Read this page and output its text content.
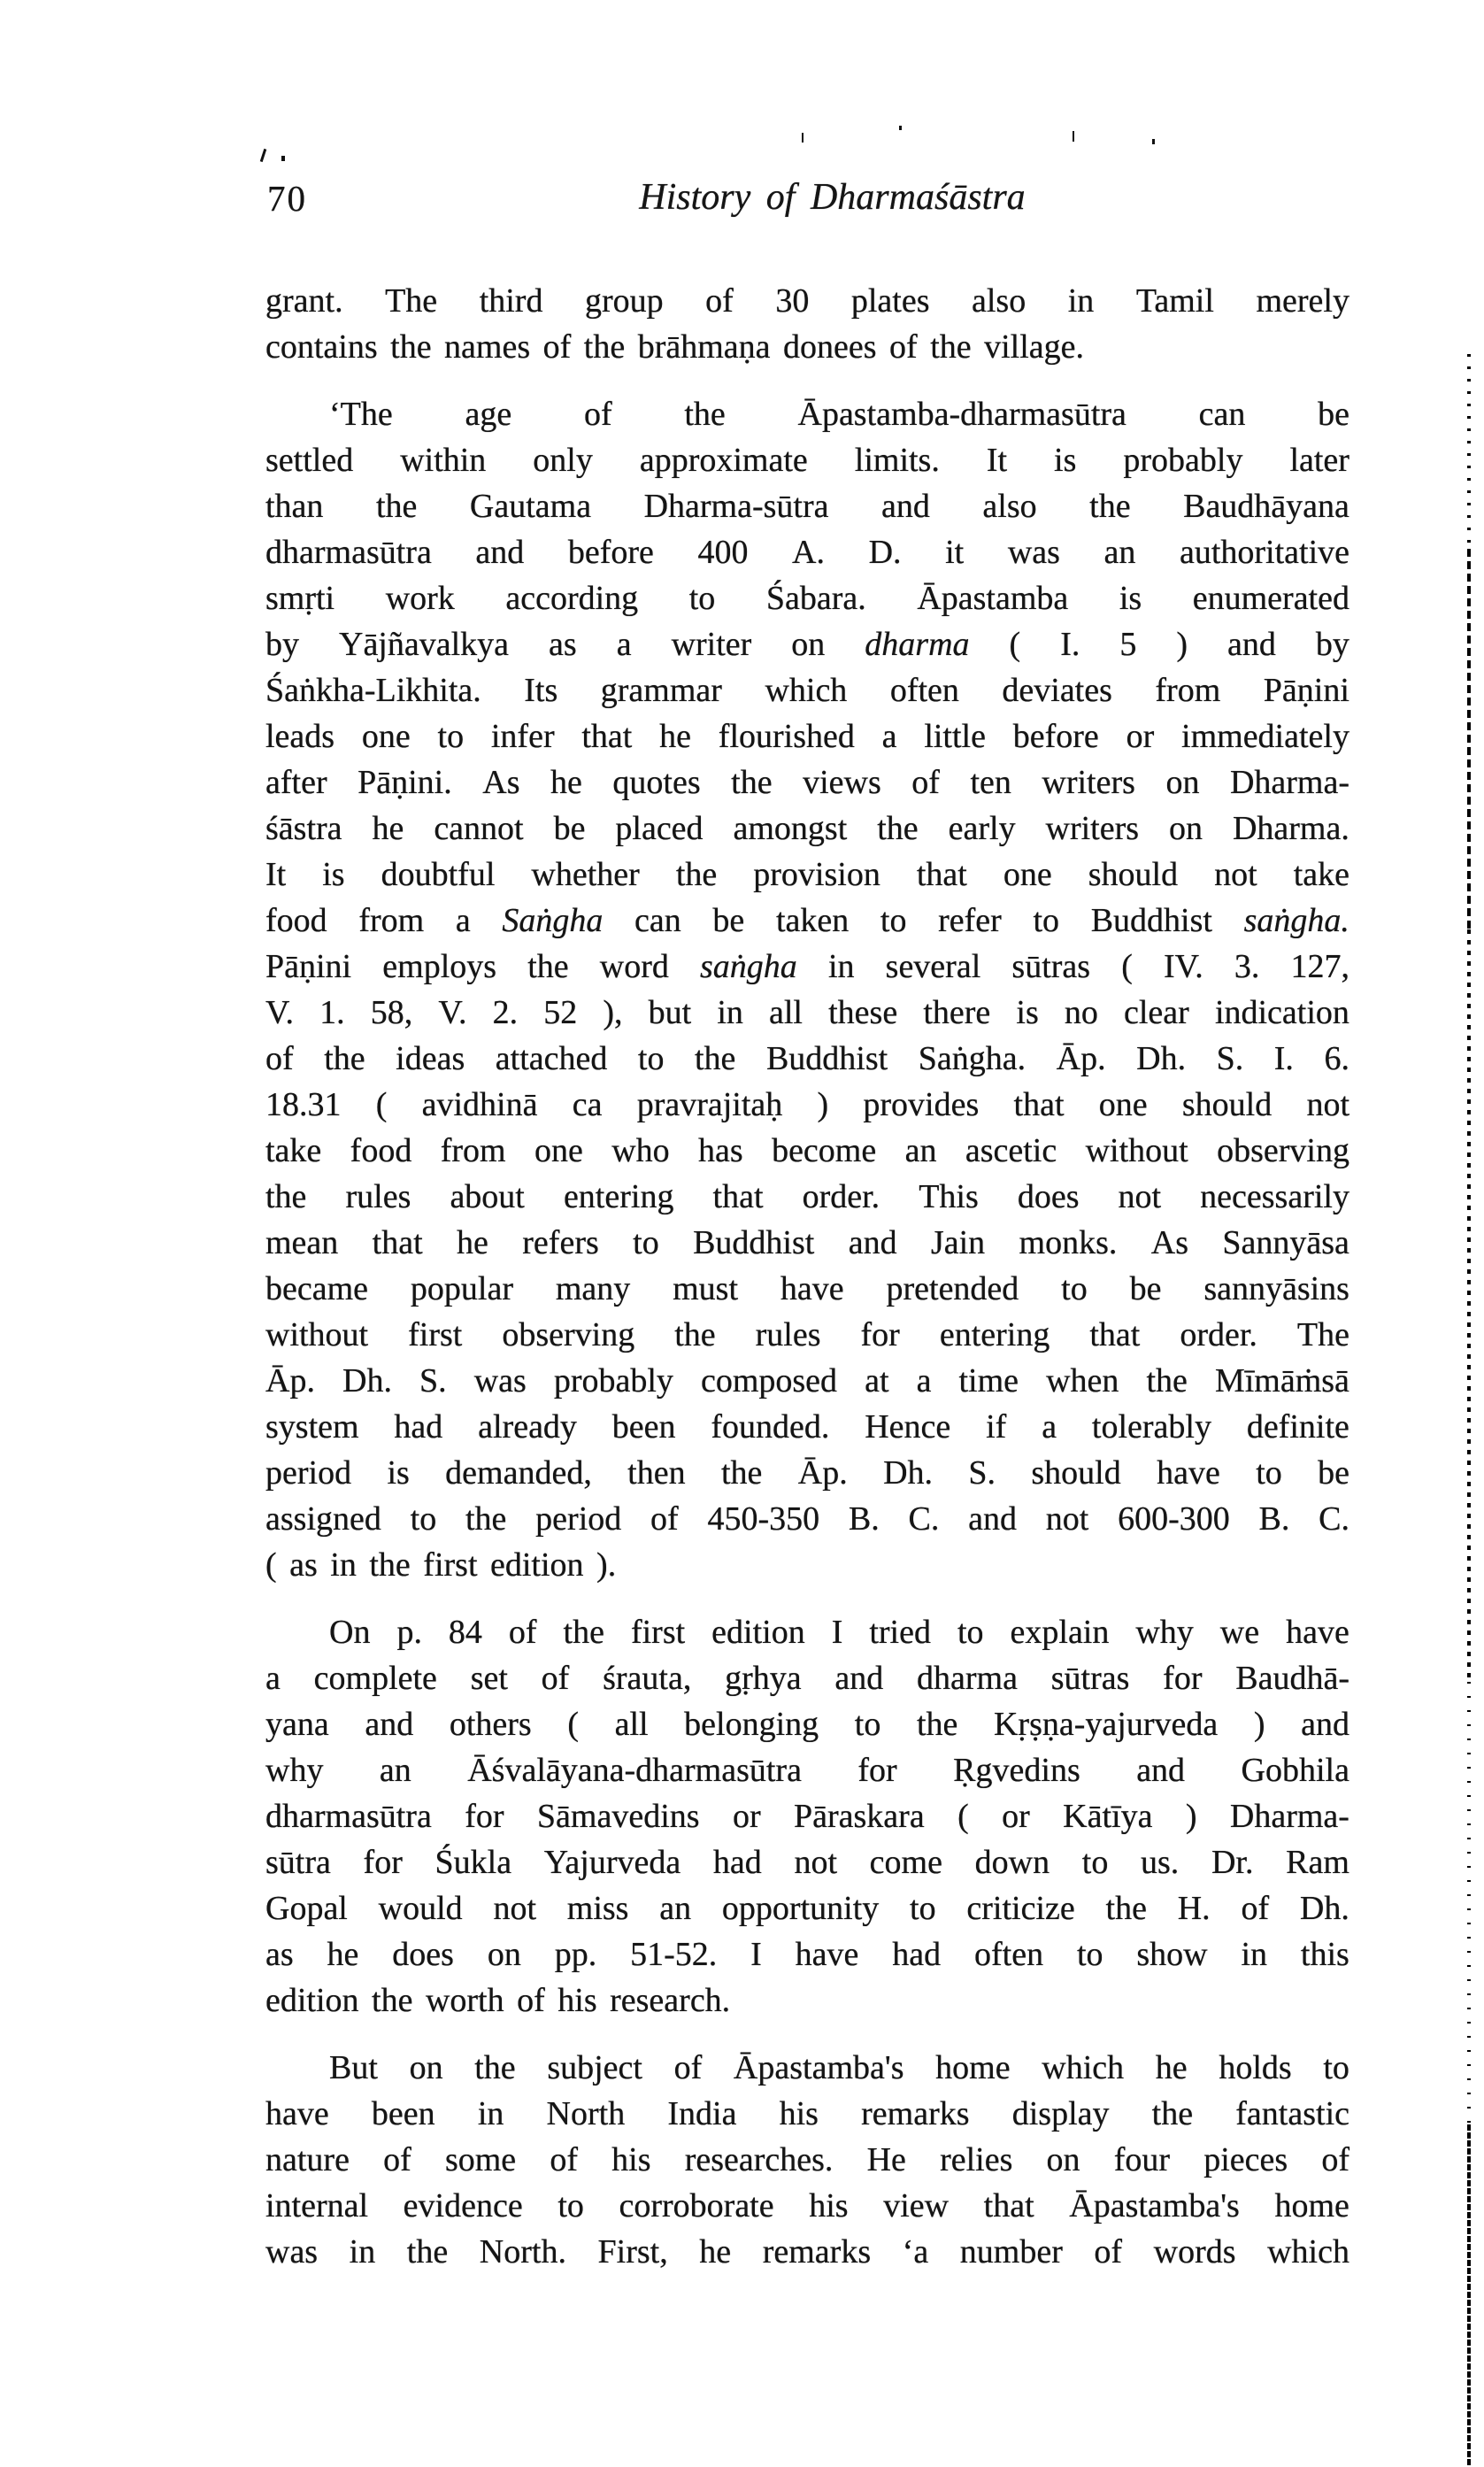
70	History of Dharmaśāstra
grant. The third group of 30 plates also in Tamil merely
contains the names of the brāhmaṇa donees of the village.
‘The age of the Āpastamba-dharmasūtra can be
settled within only approximate limits. It is probably later
than the Gautama Dharma-sūtra and also the Baudhāyana
dharmasūtra and before 400 A. D. it was an authoritative
smṛti work according to Śabara. Āpastamba is enumerated
by Yājñavalkya as a writer on dharma ( I. 5 ) and by
Śaṅkha-Likhita. Its grammar which often deviates from Pāṇini
leads one to infer that he flourished a little before or immediately
after Pāṇini. As he quotes the views of ten writers on Dharma-
śāstra he cannot be placed amongst the early writers on Dharma.
It is doubtful whether the provision that one should not take
food from a Saṅgha can be taken to refer to Buddhist saṅgha.
Pāṇini employs the word saṅgha in several sūtras ( IV. 3. 127,
V. 1. 58, V. 2. 52 ), but in all these there is no clear indication
of the ideas attached to the Buddhist Saṅgha. Āp. Dh. S. I. 6.
18.31 ( avidhinā ca pravrajitaḥ ) provides that one should not
take food from one who has become an ascetic without observing
the rules about entering that order. This does not necessarily
mean that he refers to Buddhist and Jain monks. As Sannyāsa
became popular many must have pretended to be sannyāsins
without first observing the rules for entering that order. The
Āp. Dh. S. was probably composed at a time when the Mīmāṁsā
system had already been founded. Hence if a tolerably definite
period is demanded, then the Āp. Dh. S. should have to be
assigned to the period of 450-350 B. C. and not 600-300 B. C.
( as in the first edition ).
On p. 84 of the first edition I tried to explain why we have
a complete set of śrauta, gṛhya and dharma sūtras for Baudhā-
yana and others ( all belonging to the Kṛṣṇa-yajurveda ) and
why an Āśvalāyana-dharmasūtra for Ṛgvedins and Gobhila
dharmasūtra for Sāmavedins or Pāraskara ( or Kātīya ) Dharma-
sūtra for Śukla Yajurveda had not come down to us. Dr. Ram
Gopal would not miss an opportunity to criticize the H. of Dh.
as he does on pp. 51-52. I have had often to show in this
edition the worth of his research.
But on the subject of Āpastamba's home which he holds to
have been in North India his remarks display the fantastic
nature of some of his researches. He relies on four pieces of
internal evidence to corroborate his view that Āpastamba's home
was in the North. First, he remarks ‘a number of words which
